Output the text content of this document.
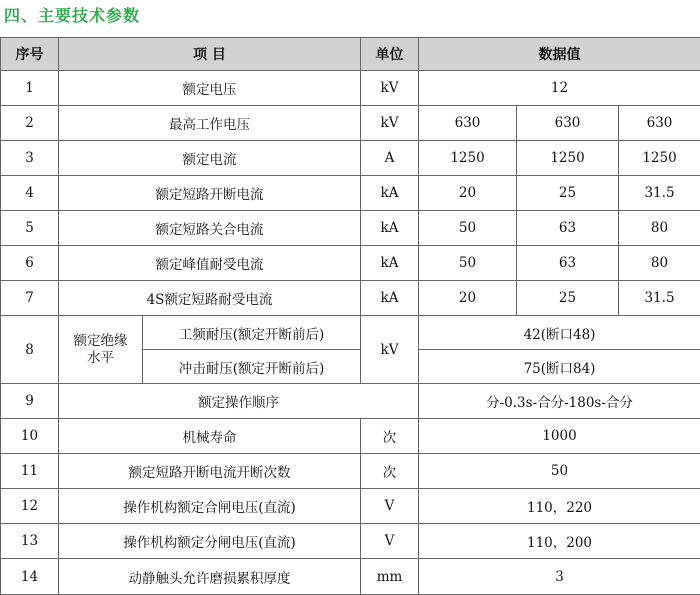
四、主要技术参数
序号	项 目		单位	数据值		
1	额定电压		kV	12		
2	最高工作电压		kV	630	630	630
3	额定电流		A	1250	1250	1250
4	额定短路开断电流		kA	20	25	31.5
5	额定短路关合电流		kA	50	63	80
6	额定峰值耐受电流		kA	50	63	80
7	4S额定短路耐受电流		kA	20	25	31.5
8	额定绝缘水平	工频耐压(额定开断前后)	kV	42(断口48)		
		冲击耐压(额定开断前后)		75(断口84)		
9	额定操作顺序			分-0.3s-合分-180s-合分		
10	机械寿命		次	1000		
11	额定短路开断电流开断次数		次	50		
12	操作机构额定合闸电压(直流)		V	110，220		
13	操作机构额定分闸电压(直流)		V	110，200		
14	动静触头允许磨损累积厚度		mm	3		
